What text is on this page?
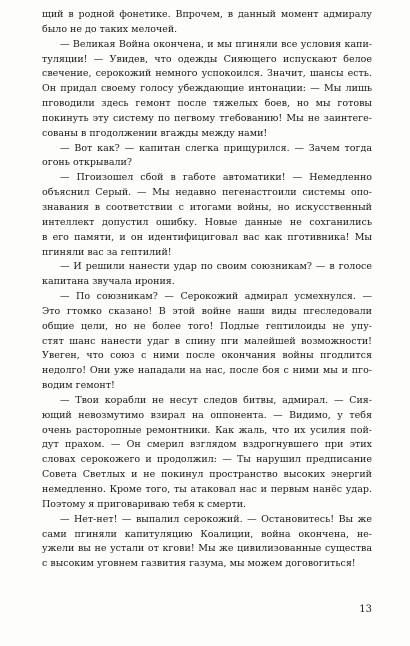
щий в родной фонетике. Впрочем, в данный момент адмиралу
было не до таких мелочей.
— Великая Война окончена, и мы пгиняли все условия капи-
туляции! — Увидев, что одежды Сияющего испускают белое
свечение, серокожий немного успокоился. Значит, шансы есть.
Он придал своему голосу убеждающие интонации: — Мы лишь
пговодили здесь гемонт после тяжелых боев, но мы готовы
покинуть эту систему по пегвому тгебованию! Мы не заинтеге-
сованы в пгодолжении вгажды между нами!
— Вот как? — капитан слегка прищурился. — Зачем тогда
огонь открывали?
— Пгоизошел сбой в габоте автоматики! — Немедленно
объяснил Серый. — Мы недавно пегенастгоили системы опо-
знавания в соответствии с итогами войны, но искусственный
интеллект допустил ошибку. Новые данные не сохганились
в его памяти, и он идентифициговал вас как пготивника! Мы
пгиняли вас за гептилий!
— И решили нанести удар по своим союзникам? — в голосе
капитана звучала ирония.
— По союзникам? — Серокожий адмирал усмехнулся. —
Это гтомко сказано! В этой войне наши виды пгеследовали
общие цели, но не более того! Подлые гептилоиды не упу-
стят шанс нанести удаг в спину пги малейшей возможности!
Увеген, что союз с ними после окончания войны пгодлится
недолго! Они уже нападали на нас, после боя с ними мы и пго-
водим гемонт!
— Твои корабли не несут следов битвы, адмирал. — Сия-
ющий невозмутимо взирал на оппонента. — Видимо, у тебя
очень расторопные ремонтники. Как жаль, что их усилия пой-
дут прахом. — Он смерил взглядом вздрогнувшего при этих
словах серокожего и продолжил: — Ты нарушил предписание
Совета Светлых и не покинул пространство высоких энергий
немедленно. Кроме того, ты атаковал нас и первым нанёс удар.
Поэтому я приговариваю тебя к смерти.
— Нет-нет! — выпалил серокожий. — Остановитесь! Вы же
сами пгиняли капитуляцию Коалиции, война окончена, не-
ужели вы не устали от кгови! Мы же цивилизованные существа
с высоким уговнем газвития газума, мы можем договогиться!
13
